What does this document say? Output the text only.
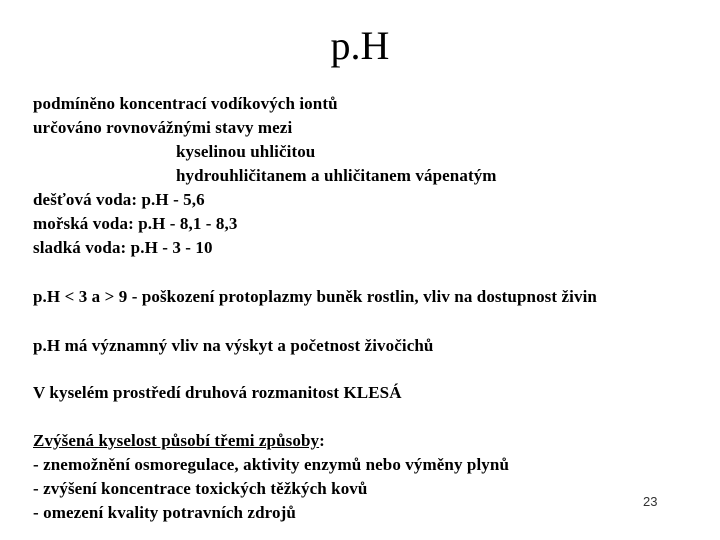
p.H
podmíněno koncentrací vodíkových iontů
určováno rovnovážnými stavy mezi
kyselinou uhličitou
hydrouhličitanem a uhličitanem vápenatým
dešťová voda: p.H - 5,6
mořská voda: p.H - 8,1 - 8,3
sladká voda: p.H - 3 - 10
p.H < 3 a > 9 - poškození protoplazmy buněk rostlin, vliv na dostupnost živin
p.H má významný vliv na výskyt a početnost živočichů
V kyselém prostředí druhová rozmanitost KLESÁ
Zvýšená kyselost působí třemi způsoby:
- znemožnění osmoregulace, aktivity enzymů nebo výměny plynů
- zvýšení koncentrace toxických těžkých kovů
- omezení kvality potravních zdrojů
23
